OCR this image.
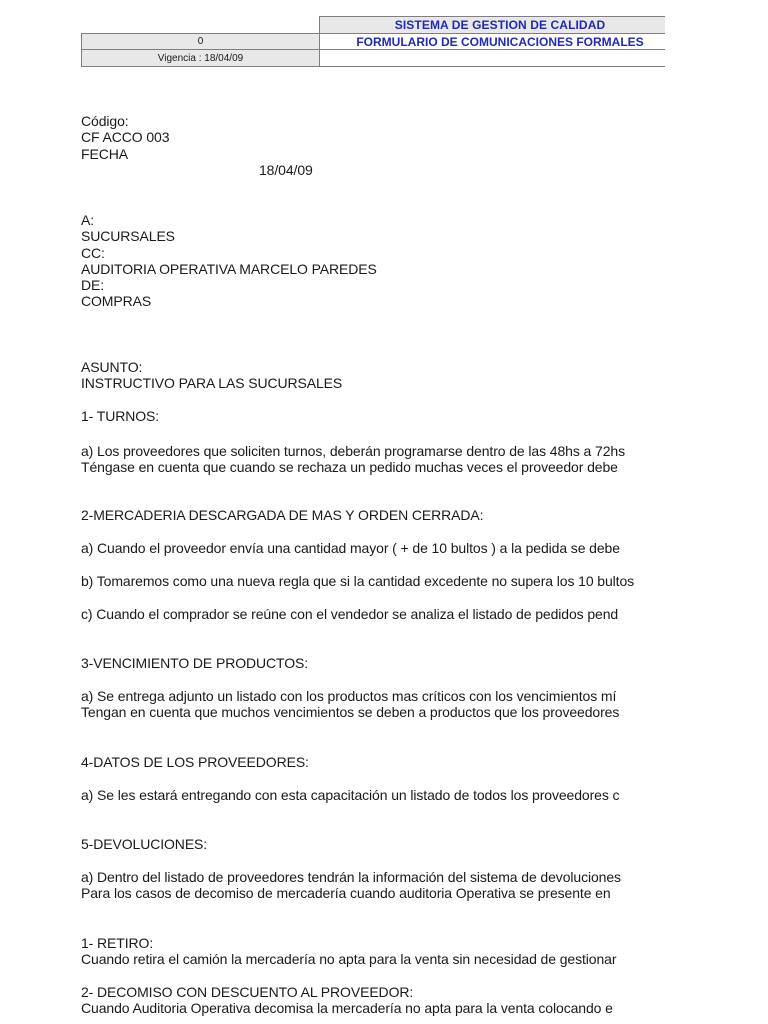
SISTEMA DE GESTION DE CALIDAD
0	FORMULARIO DE COMUNICACIONES FORMALES
Vigencia : 18/04/09
Código:
CF ACCO 003
FECHA
18/04/09
A:
SUCURSALES
CC:
AUDITORIA OPERATIVA MARCELO PAREDES
DE:
COMPRAS
ASUNTO:
INSTRUCTIVO PARA LAS SUCURSALES
1- TURNOS:
a) Los proveedores que soliciten turnos, deberán programarse dentro de las 48hs a 72hs
Téngase en cuenta que cuando se rechaza un pedido muchas veces el proveedor debe
2-MERCADERIA DESCARGADA DE MAS Y ORDEN CERRADA:
a) Cuando el proveedor envía una cantidad mayor ( + de 10 bultos ) a la pedida se debe
b) Tomaremos como una nueva regla que si la cantidad excedente no supera los 10 bultos
c) Cuando el comprador se reúne con el vendedor se analiza el listado de pedidos pend
3-VENCIMIENTO DE PRODUCTOS:
a) Se entrega adjunto un listado con los productos mas críticos con los vencimientos mí
Tengan en cuenta que muchos vencimientos se deben a productos que los proveedores
4-DATOS DE LOS PROVEEDORES:
a) Se les estará entregando con esta capacitación un listado de todos los proveedores c
5-DEVOLUCIONES:
a) Dentro del listado de proveedores tendrán la información del sistema de devoluciones
Para los casos de decomiso de mercadería cuando auditoria Operativa se presente en
1- RETIRO:
Cuando retira el camión la mercadería no apta para la venta sin necesidad de gestionar
2- DECOMISO CON DESCUENTO AL PROVEEDOR:
Cuando Auditoria Operativa decomisa la mercadería no apta para la venta colocando e
